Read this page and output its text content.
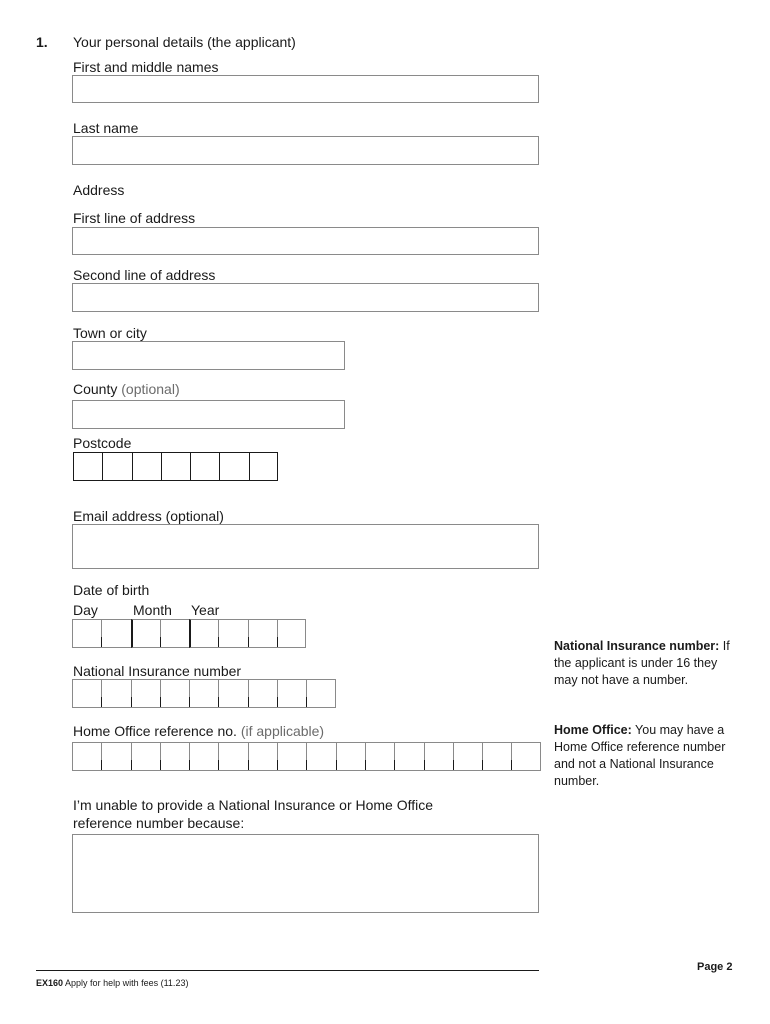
1. Your personal details (the applicant)
First and middle names
Last name
Address
First line of address
Second line of address
Town or city
County (optional)
Postcode
Email address (optional)
Date of birth
Day	Month Year
National Insurance number
Home Office reference no. (if applicable)
I’m unable to provide a National Insurance or Home Office
reference number because:
National Insurance number: If the applicant is under 16 they may not have a number.
Home Office: You may have a Home Office reference number and not a National Insurance number.
Page 2
EX160 Apply for help with fees (11.23)
